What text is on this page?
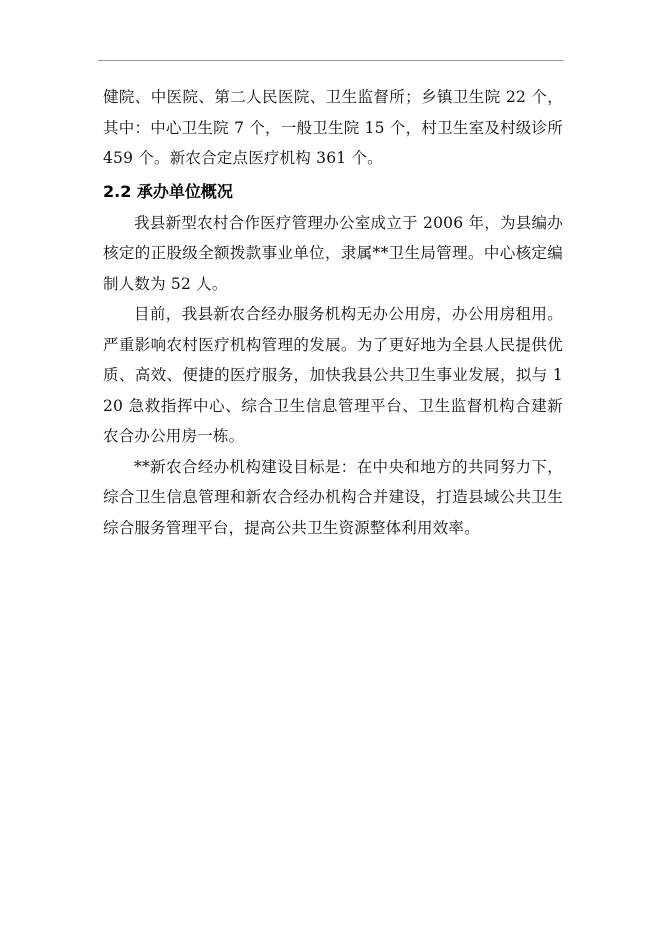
健院、中医院、第二人民医院、卫生监督所；乡镇卫生院 22 个，其中：中心卫生院 7 个，一般卫生院 15 个，村卫生室及村级诊所 459 个。新农合定点医疗机构 361 个。

2.2 承办单位概况

我县新型农村合作医疗管理办公室成立于 2006 年，为县编办核定的正股级全额拨款事业单位，隶属**卫生局管理。中心核定编制人数为 52 人。

目前，我县新农合经办服务机构无办公用房，办公用房租用。严重影响农村医疗机构管理的发展。为了更好地为全县人民提供优质、高效、便捷的医疗服务，加快我县公共卫生事业发展，拟与 120 急救指挥中心、综合卫生信息管理平台、卫生监督机构合建新农合办公用房一栋。

**新农合经办机构建设目标是：在中央和地方的共同努力下，综合卫生信息管理和新农合经办机构合并建设，打造县域公共卫生综合服务管理平台，提高公共卫生资源整体利用效率。
